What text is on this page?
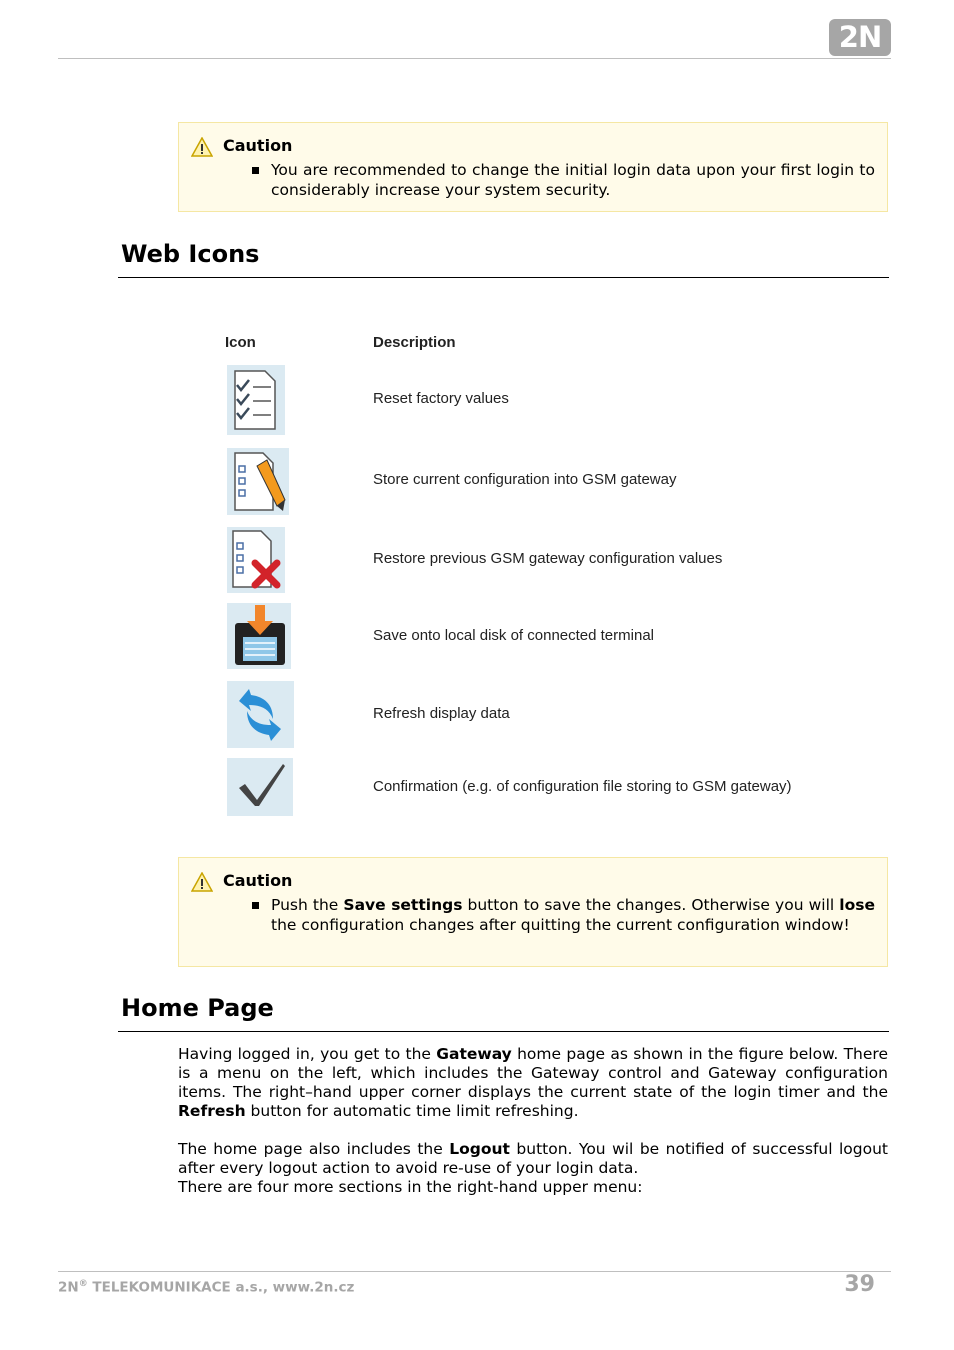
2N
Caution
You are recommended to change the initial login data upon your first login to considerably increase your system security.
Web Icons
Icon	Description
Reset factory values
Store current configuration into GSM gateway
Restore previous GSM gateway configuration values
Save onto local disk of connected terminal
Refresh display data
Confirmation (e.g. of configuration file storing to GSM gateway)
Caution
Push the Save settings button to save the changes. Otherwise you will lose the configuration changes after quitting the current configuration window!
Home Page
Having logged in, you get to the Gateway home page as shown in the figure below. There is a menu on the left, which includes the Gateway control and Gateway configuration items. The right–hand upper corner displays the current state of the login timer and the Refresh button for automatic time limit refreshing.
The home page also includes the Logout button. You wil be notified of successful logout after every logout action to avoid re-use of your login data.
There are four more sections in the right-hand upper menu:
2N® TELEKOMUNIKACE a.s., www.2n.cz	39
